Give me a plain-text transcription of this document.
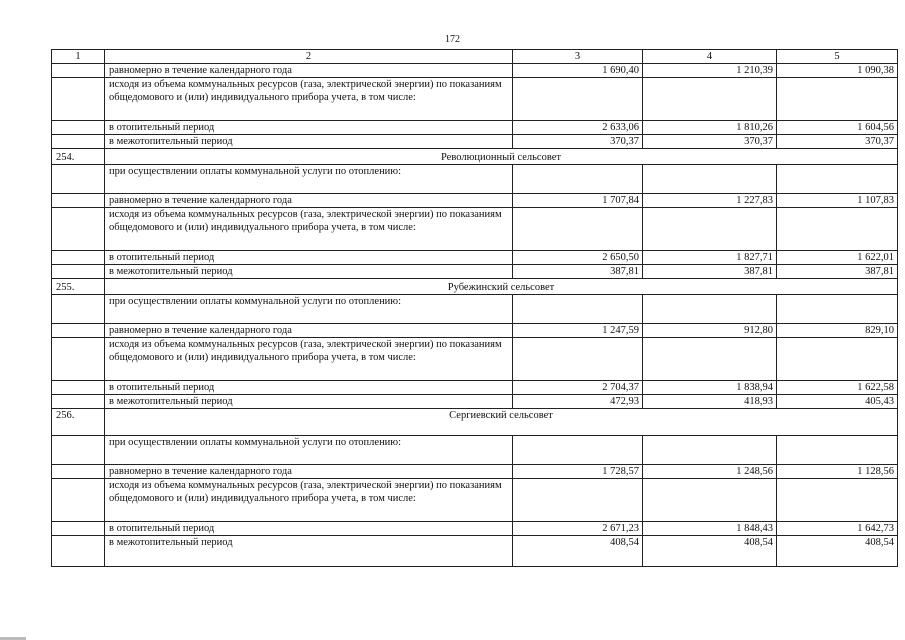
172
1	2	3	4	5
	равномерно в течение календарного года	1 690,40	1 210,39	1 090,38
	исходя из объема коммунальных ресурсов (газа, электрической энергии) по показаниям общедомового и (или) индивидуального прибора учета, в том числе:			
	в отопительный период	2 633,06	1 810,26	1 604,56
	в межотопительный период	370,37	370,37	370,37
254.	Революционный сельсовет			
	при осуществлении оплаты коммунальной услуги по отоплению:			
	равномерно в течение календарного года	1 707,84	1 227,83	1 107,83
	исходя из объема коммунальных ресурсов (газа, электрической энергии) по показаниям общедомового и (или) индивидуального прибора учета, в том числе:			
	в отопительный период	2 650,50	1 827,71	1 622,01
	в межотопительный период	387,81	387,81	387,81
255.	Рубежинский сельсовет			
	при осуществлении оплаты коммунальной услуги по отоплению:			
	равномерно в течение календарного года	1 247,59	912,80	829,10
	исходя из объема коммунальных ресурсов (газа, электрической энергии) по показаниям общедомового и (или) индивидуального прибора учета, в том числе:			
	в отопительный период	2 704,37	1 838,94	1 622,58
	в межотопительный период	472,93	418,93	405,43
256.	Сергиевский сельсовет			
	при осуществлении оплаты коммунальной услуги по отоплению:			
	равномерно в течение календарного года	1 728,57	1 248,56	1 128,56
	исходя из объема коммунальных ресурсов (газа, электрической энергии) по показаниям общедомового и (или) индивидуального прибора учета, в том числе:			
	в отопительный период	2 671,23	1 848,43	1 642,73
	в межотопительный период	408,54	408,54	408,54
